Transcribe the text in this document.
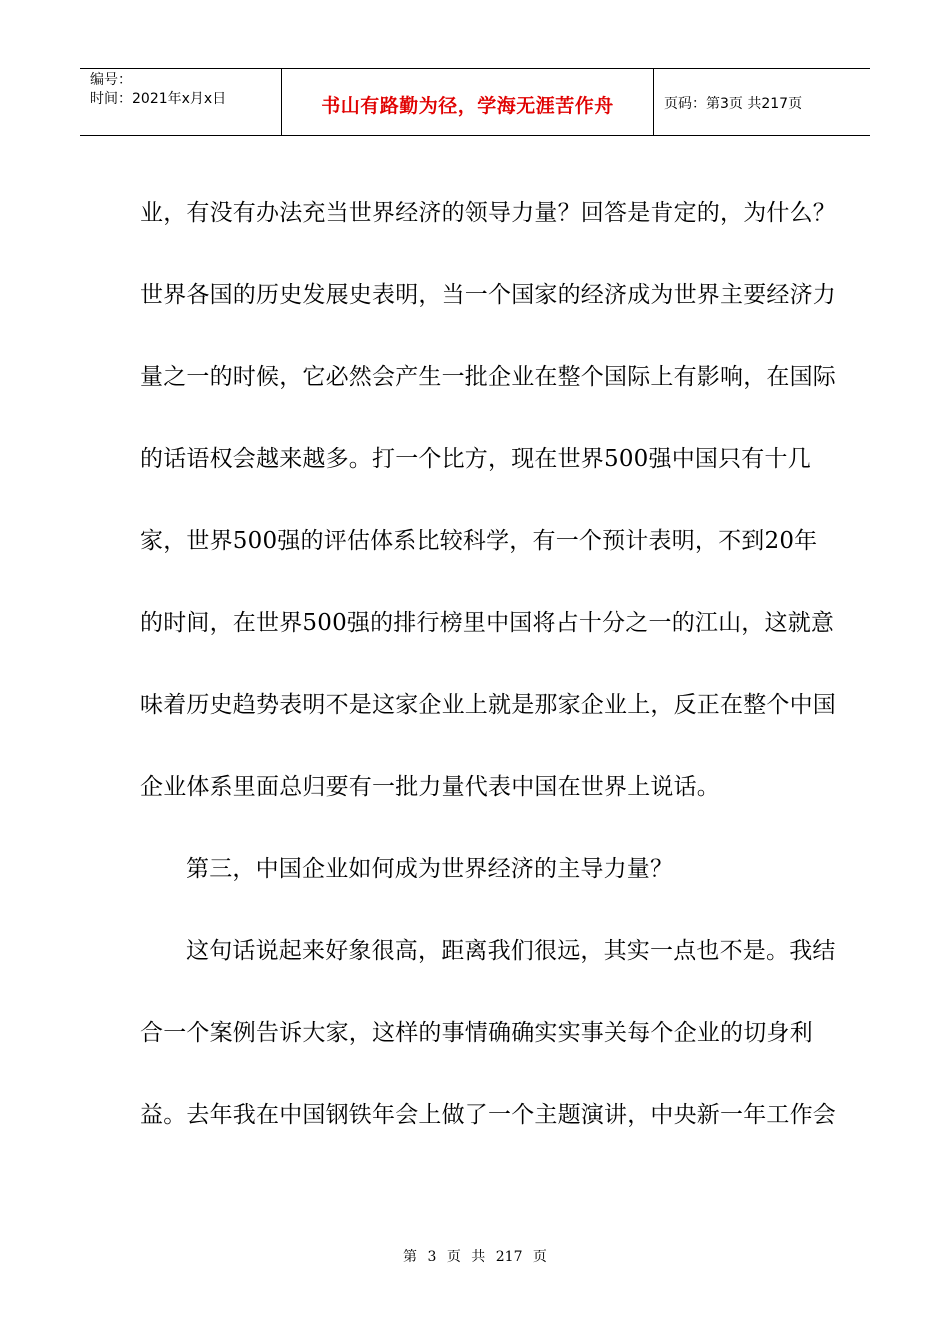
编号：
时间：2021年x月x日	书山有路勤为径，学海无涯苦作舟	页码：第3页 共217页
业，有没有办法充当世界经济的领导力量？回答是肯定的，为什么？
世界各国的历史发展史表明，当一个国家的经济成为世界主要经济力
量之一的时候，它必然会产生一批企业在整个国际上有影响，在国际
的话语权会越来越多。打一个比方，现在世界500强中国只有十几
家，世界500强的评估体系比较科学，有一个预计表明，不到20年
的时间，在世界500强的排行榜里中国将占十分之一的江山，这就意
味着历史趋势表明不是这家企业上就是那家企业上，反正在整个中国
企业体系里面总归要有一批力量代表中国在世界上说话。
第三，中国企业如何成为世界经济的主导力量？
这句话说起来好象很高，距离我们很远，其实一点也不是。我结
合一个案例告诉大家，这样的事情确确实实事关每个企业的切身利
益。去年我在中国钢铁年会上做了一个主题演讲，中央新一年工作会
第 3 页 共 217 页
